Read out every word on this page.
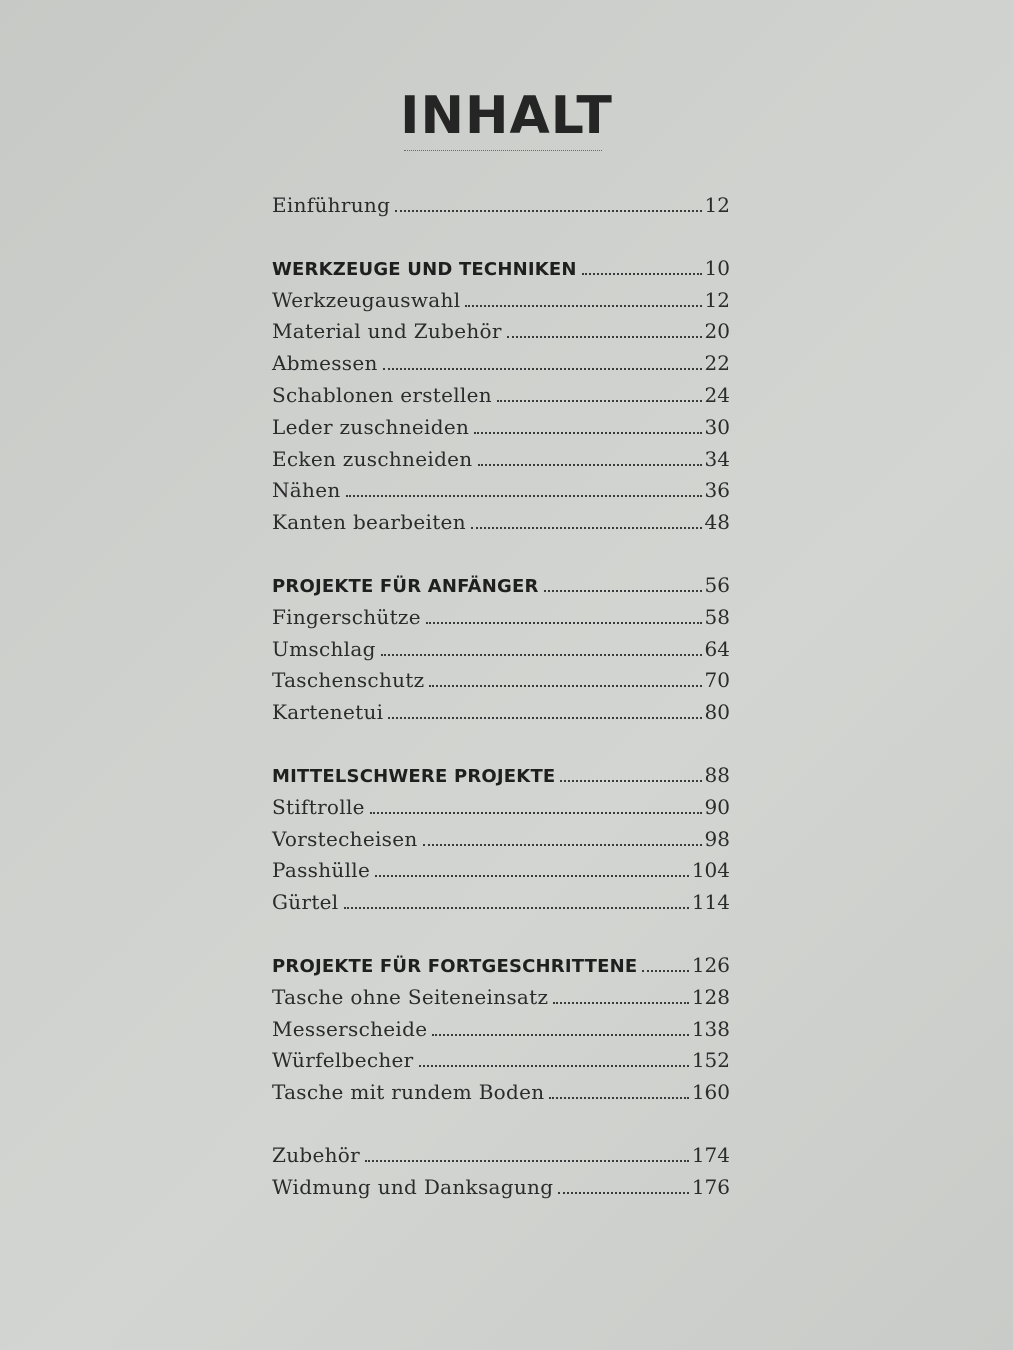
INHALT
Einführung	12
WERKZEUGE UND TECHNIKEN	10
Werkzeugauswahl	12
Material und Zubehör	20
Abmessen	22
Schablonen erstellen	24
Leder zuschneiden	30
Ecken zuschneiden	34
Nähen	36
Kanten bearbeiten	48
PROJEKTE FÜR ANFÄNGER	56
Fingerschütze	58
Umschlag	64
Taschenschutz	70
Kartenetui	80
MITTELSCHWERE PROJEKTE	88
Stiftrolle	90
Vorstecheisen	98
Passhülle	104
Gürtel	114
PROJEKTE FÜR FORTGESCHRITTENE	126
Tasche ohne Seiteneinsatz	128
Messerscheide	138
Würfelbecher	152
Tasche mit rundem Boden	160
Zubehör	174
Widmung und Danksagung	176
